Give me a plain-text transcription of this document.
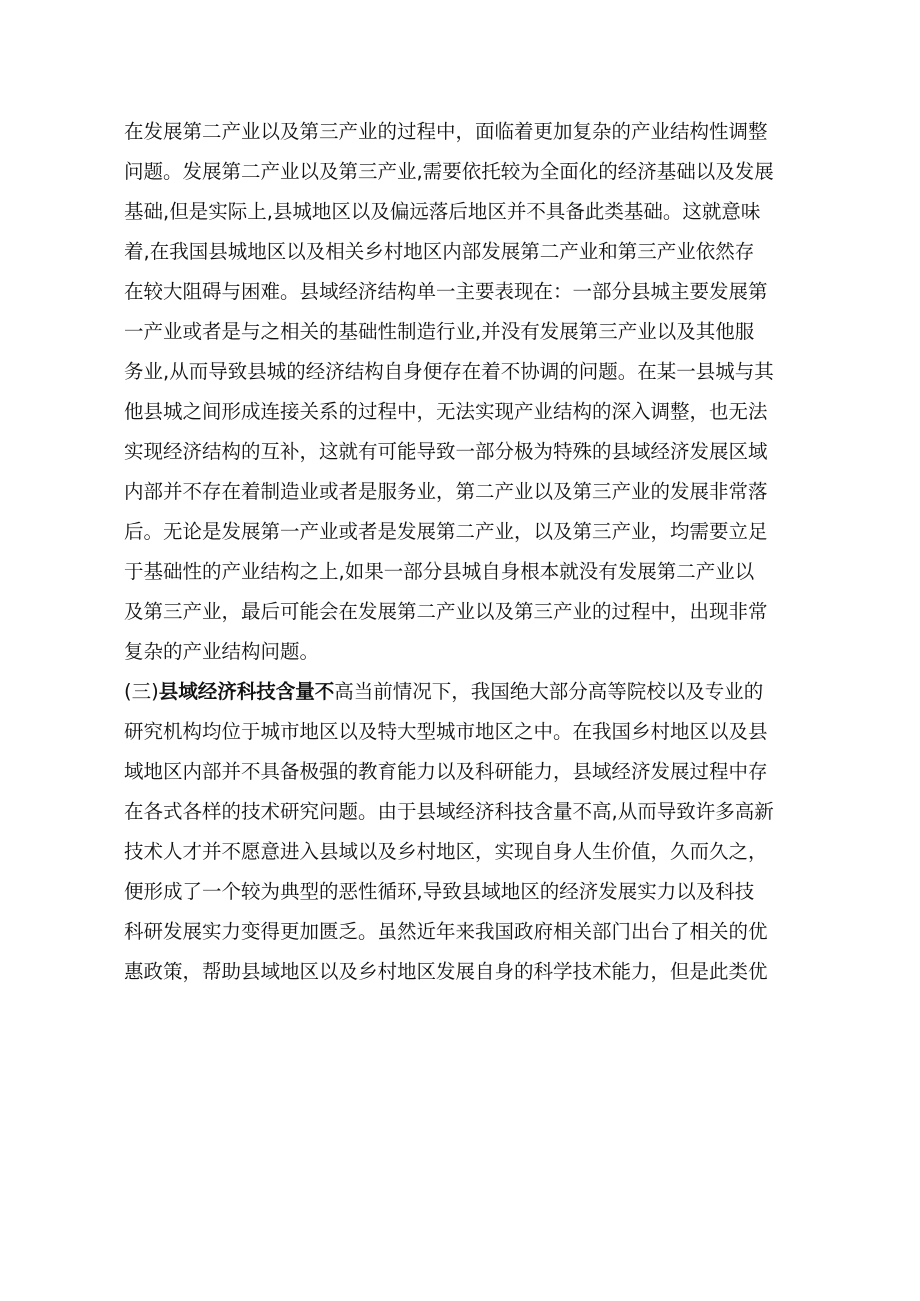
在发展第二产业以及第三产业的过程中，面临着更加复杂的产业结构性调整
问题。发展第二产业以及第三产业,需要依托较为全面化的经济基础以及发展
基础,但是实际上,县城地区以及偏远落后地区并不具备此类基础。这就意味
着,在我国县城地区以及相关乡村地区内部发展第二产业和第三产业依然存
在较大阻碍与困难。县域经济结构单一主要表现在：一部分县城主要发展第
一产业或者是与之相关的基础性制造行业,并没有发展第三产业以及其他服
务业,从而导致县城的经济结构自身便存在着不协调的问题。在某一县城与其
他县城之间形成连接关系的过程中，无法实现产业结构的深入调整，也无法
实现经济结构的互补，这就有可能导致一部分极为特殊的县域经济发展区域
内部并不存在着制造业或者是服务业，第二产业以及第三产业的发展非常落
后。无论是发展第一产业或者是发展第二产业，以及第三产业，均需要立足
于基础性的产业结构之上,如果一部分县城自身根本就没有发展第二产业以
及第三产业，最后可能会在发展第二产业以及第三产业的过程中，出现非常
复杂的产业结构问题。
(三)县域经济科技含量不高当前情况下，我国绝大部分高等院校以及专业的
研究机构均位于城市地区以及特大型城市地区之中。在我国乡村地区以及县
域地区内部并不具备极强的教育能力以及科研能力，县域经济发展过程中存
在各式各样的技术研究问题。由于县域经济科技含量不高,从而导致许多高新
技术人才并不愿意进入县域以及乡村地区，实现自身人生价值，久而久之，
便形成了一个较为典型的恶性循环,导致县域地区的经济发展实力以及科技
科研发展实力变得更加匮乏。虽然近年来我国政府相关部门出台了相关的优
惠政策，帮助县域地区以及乡村地区发展自身的科学技术能力，但是此类优
